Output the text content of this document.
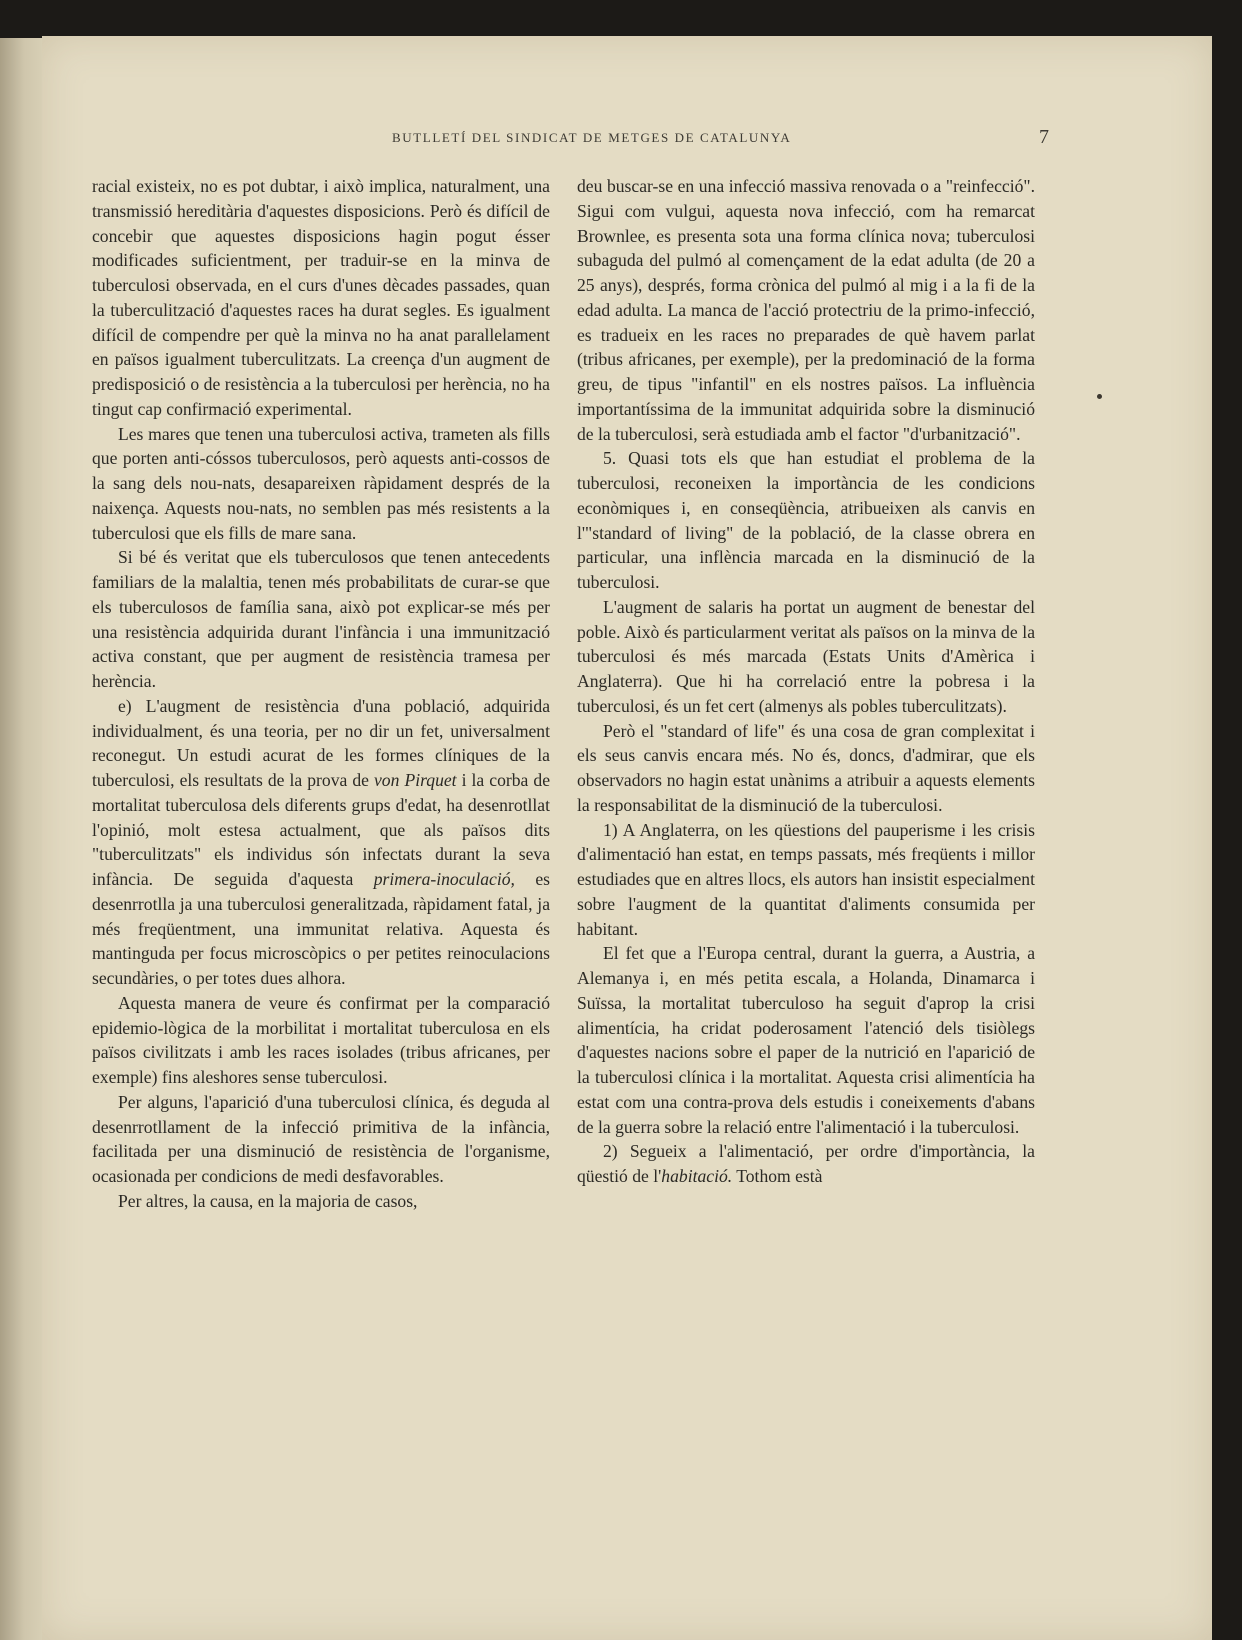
BUTLLETÍ DEL SINDICAT DE METGES DE CATALUNYA	7

racial existeix, no es pot dubtar, i això implica, naturalment, una transmissió hereditària d'aquestes disposicions. Però és difícil de concebir que aquestes disposicions hagin pogut ésser modificades suficientment, per traduir-se en la minva de tuberculosi observada, en el curs d'unes dècades passades, quan la tuberculització d'aquestes races ha durat segles. Es igualment difícil de compendre per què la minva no ha anat parallelament en països igualment tuberculitzats. La creença d'un augment de predisposició o de resistència a la tuberculosi per herència, no ha tingut cap confirmació experimental.

Les mares que tenen una tuberculosi activa, trameten als fills que porten anti-cóssos tuberculosos, però aquests anti-cossos de la sang dels nou-nats, desapareixen ràpidament després de la naixença. Aquests nou-nats, no semblen pas més resistents a la tuberculosi que els fills de mare sana.

Si bé és veritat que els tuberculosos que tenen antecedents familiars de la malaltia, tenen més probabilitats de curar-se que els tuberculosos de família sana, això pot explicar-se més per una resistència adquirida durant l'infància i una immunització activa constant, que per augment de resistència tramesa per herència.

e) L'augment de resistència d'una població, adquirida individualment, és una teoria, per no dir un fet, universalment reconegut. Un estudi acurat de les formes clíniques de la tuberculosi, els resultats de la prova de von Pirquet i la corba de mortalitat tuberculosa dels diferents grups d'edat, ha desenrotllat l'opinió, molt estesa actualment, que als països dits "tuberculitzats" els individus són infectats durant la seva infància. De seguida d'aquesta primera-inoculació, es desenrrotlla ja una tuberculosi generalitzada, ràpidament fatal, ja més freqüentment, una immunitat relativa. Aquesta és mantinguda per focus microscòpics o per petites reinoculacions secundàries, o per totes dues alhora.

Aquesta manera de veure és confirmat per la comparació epidemio-lògica de la morbilitat i mortalitat tuberculosa en els països civilitzats i amb les races isolades (tribus africanes, per exemple) fins aleshores sense tuberculosi.

Per alguns, l'aparició d'una tuberculosi clínica, és deguda al desenrrotllament de la infecció primitiva de la infància, facilitada per una disminució de resistència de l'organisme, ocasionada per condicions de medi desfavorables.

Per altres, la causa, en la majoria de casos,

deu buscar-se en una infecció massiva renovada o a "reinfecció". Sigui com vulgui, aquesta nova infecció, com ha remarcat Brownlee, es presenta sota una forma clínica nova; tuberculosi subaguda del pulmó al començament de la edat adulta (de 20 a 25 anys), després, forma crònica del pulmó al mig i a la fi de la edad adulta. La manca de l'acció protectriu de la primo-infecció, es tradueix en les races no preparades de què havem parlat (tribus africanes, per exemple), per la predominació de la forma greu, de tipus "infantil" en els nostres països. La influència importantíssima de la immunitat adquirida sobre la disminució de la tuberculosi, serà estudiada amb el factor "d'urbanització".

5. Quasi tots els que han estudiat el problema de la tuberculosi, reconeixen la importància de les condicions econòmiques i, en conseqüència, atribueixen als canvis en l'"standard of living" de la població, de la classe obrera en particular, una inflència marcada en la disminució de la tuberculosi.

L'augment de salaris ha portat un augment de benestar del poble. Això és particularment veritat als països on la minva de la tuberculosi és més marcada (Estats Units d'Amèrica i Anglaterra). Que hi ha correlació entre la pobresa i la tuberculosi, és un fet cert (almenys als pobles tuberculitzats).

Però el "standard of life" és una cosa de gran complexitat i els seus canvis encara més. No és, doncs, d'admirar, que els observadors no hagin estat unànims a atribuir a aquests elements la responsabilitat de la disminució de la tuberculosi.

1) A Anglaterra, on les qüestions del pauperisme i les crisis d'alimentació han estat, en temps passats, més freqüents i millor estudiades que en altres llocs, els autors han insistit especialment sobre l'augment de la quantitat d'aliments consumida per habitant.

El fet que a l'Europa central, durant la guerra, a Austria, a Alemanya i, en més petita escala, a Holanda, Dinamarca i Suïssa, la mortalitat tuberculoso ha seguit d'aprop la crisi alimentícia, ha cridat poderosament l'atenció dels tisiòlegs d'aquestes nacions sobre el paper de la nutrició en l'aparició de la tuberculosi clínica i la mortalitat. Aquesta crisi alimentícia ha estat com una contra-prova dels estudis i coneixements d'abans de la guerra sobre la relació entre l'alimentació i la tuberculosi.

2) Segueix a l'alimentació, per ordre d'importància, la qüestió de l'habitació. Tothom està
